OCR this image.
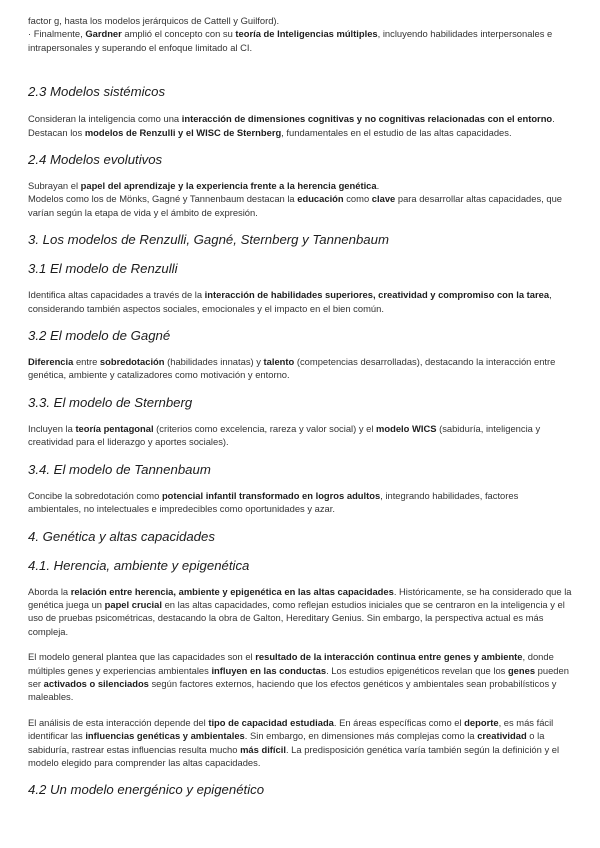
factor g, hasta los modelos jerárquicos de Cattell y Guilford).

· Finalmente, Gardner amplió el concepto con su teoría de Inteligencias múltiples, incluyendo habilidades interpersonales e intrapersonales y superando el enfoque limitado al CI.

2.3 Modelos sistémicos

Consideran la inteligencia como una interacción de dimensiones cognitivas y no cognitivas relacionadas con el entorno. Destacan los modelos de Renzulli y el WISC de Sternberg, fundamentales en el estudio de las altas capacidades.

2.4 Modelos evolutivos

Subrayan el papel del aprendizaje y la experiencia frente a la herencia genética.

Modelos como los de Mönks, Gagné y Tannenbaum destacan la educación como clave para desarrollar altas capacidades, que varían según la etapa de vida y el ámbito de expresión.

3. Los modelos de Renzulli, Gagné, Sternberg y Tannenbaum
3.1 El modelo de Renzulli

Identifica altas capacidades a través de la interacción de habilidades superiores, creatividad y compromiso con la tarea, considerando también aspectos sociales, emocionales y el impacto en el bien común.

3.2 El modelo de Gagné

Diferencia entre sobredotación (habilidades innatas) y talento (competencias desarrolladas), destacando la interacción entre genética, ambiente y catalizadores como motivación y entorno.

3.3. El modelo de Sternberg

Incluyen la teoría pentagonal (criterios como excelencia, rareza y valor social) y el modelo WICS (sabiduría, inteligencia y creatividad para el liderazgo y aportes sociales).

3.4. El modelo de Tannenbaum

Concibe la sobredotación como potencial infantil transformado en logros adultos, integrando habilidades, factores ambientales, no intelectuales e impredecibles como oportunidades y azar.

4. Genética y altas capacidades
4.1. Herencia, ambiente y epigenética

Aborda la relación entre herencia, ambiente y epigenética en las altas capacidades. Históricamente, se ha considerado que la genética juega un papel crucial en las altas capacidades, como reflejan estudios iniciales que se centraron en la inteligencia y el uso de pruebas psicométricas, destacando la obra de Galton, Hereditary Genius. Sin embargo, la perspectiva actual es más compleja.

El modelo general plantea que las capacidades son el resultado de la interacción continua entre genes y ambiente, donde múltiples genes y experiencias ambientales influyen en las conductas. Los estudios epigenéticos revelan que los genes pueden ser activados o silenciados según factores externos, haciendo que los efectos genéticos y ambientales sean probabilísticos y maleables.

El análisis de esta interacción depende del tipo de capacidad estudiada. En áreas específicas como el deporte, es más fácil identificar las influencias genéticas y ambientales. Sin embargo, en dimensiones más complejas como la creatividad o la sabiduría, rastrear estas influencias resulta mucho más difícil. La predisposición genética varía también según la definición y el modelo elegido para comprender las altas capacidades.

4.2 Un modelo energénico y epigenético
